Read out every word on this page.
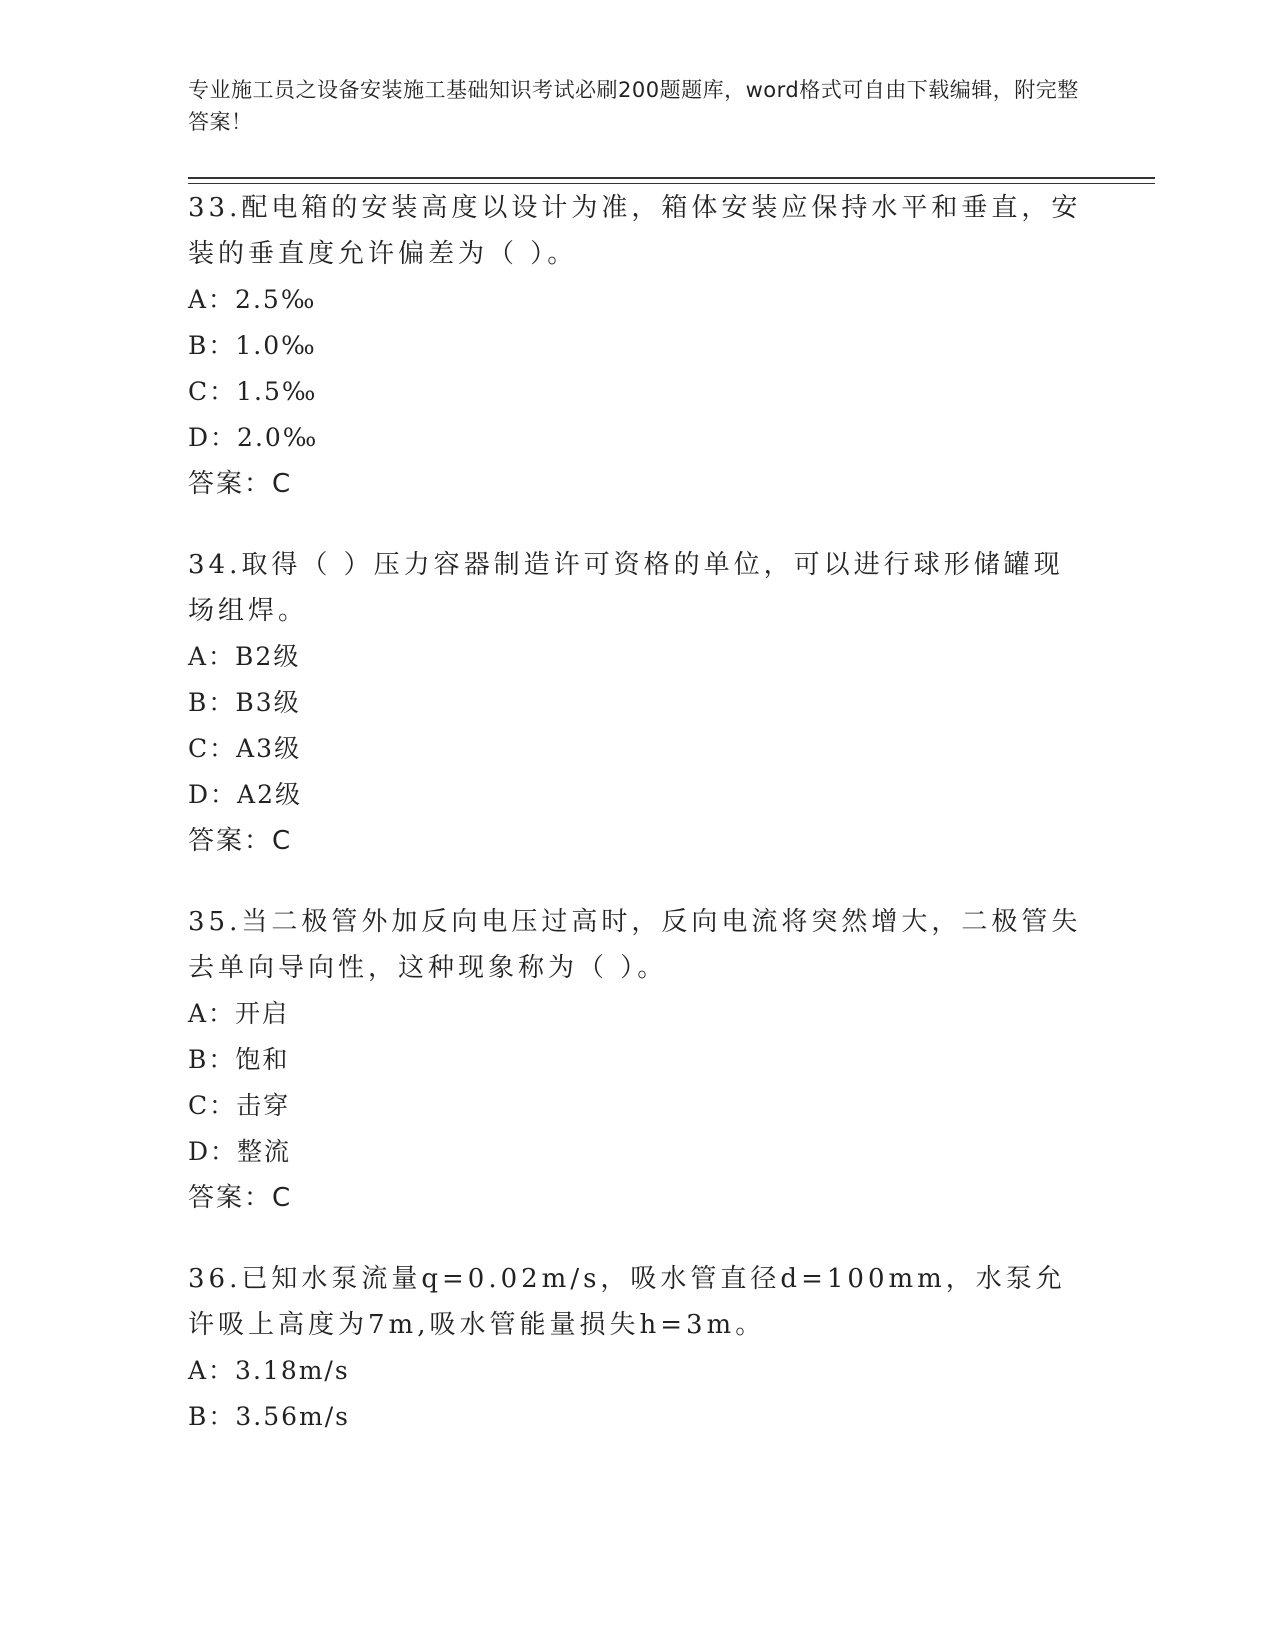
专业施工员之设备安装施工基础知识考试必刷200题题库，word格式可自由下载编辑，附完整答案！

33.配电箱的安装高度以设计为准，箱体安装应保持水平和垂直，安装的垂直度允许偏差为（ ）。

A：2.5‰

B：1.0‰

C：1.5‰

D：2.0‰

答案：C

34.取得（ ）压力容器制造许可资格的单位，可以进行球形储罐现场组焊。

A：B2级

B：B3级

C：A3级

D：A2级

答案：C

35.当二极管外加反向电压过高时，反向电流将突然增大，二极管失去单向导向性，这种现象称为（ ）。

A：开启

B：饱和

C：击穿

D：整流

答案：C

36.已知水泵流量q=0.02m/s，吸水管直径d=100mm，水泵允许吸上高度为7m,吸水管能量损失h=3m。

A：3.18m/s

B：3.56m/s
